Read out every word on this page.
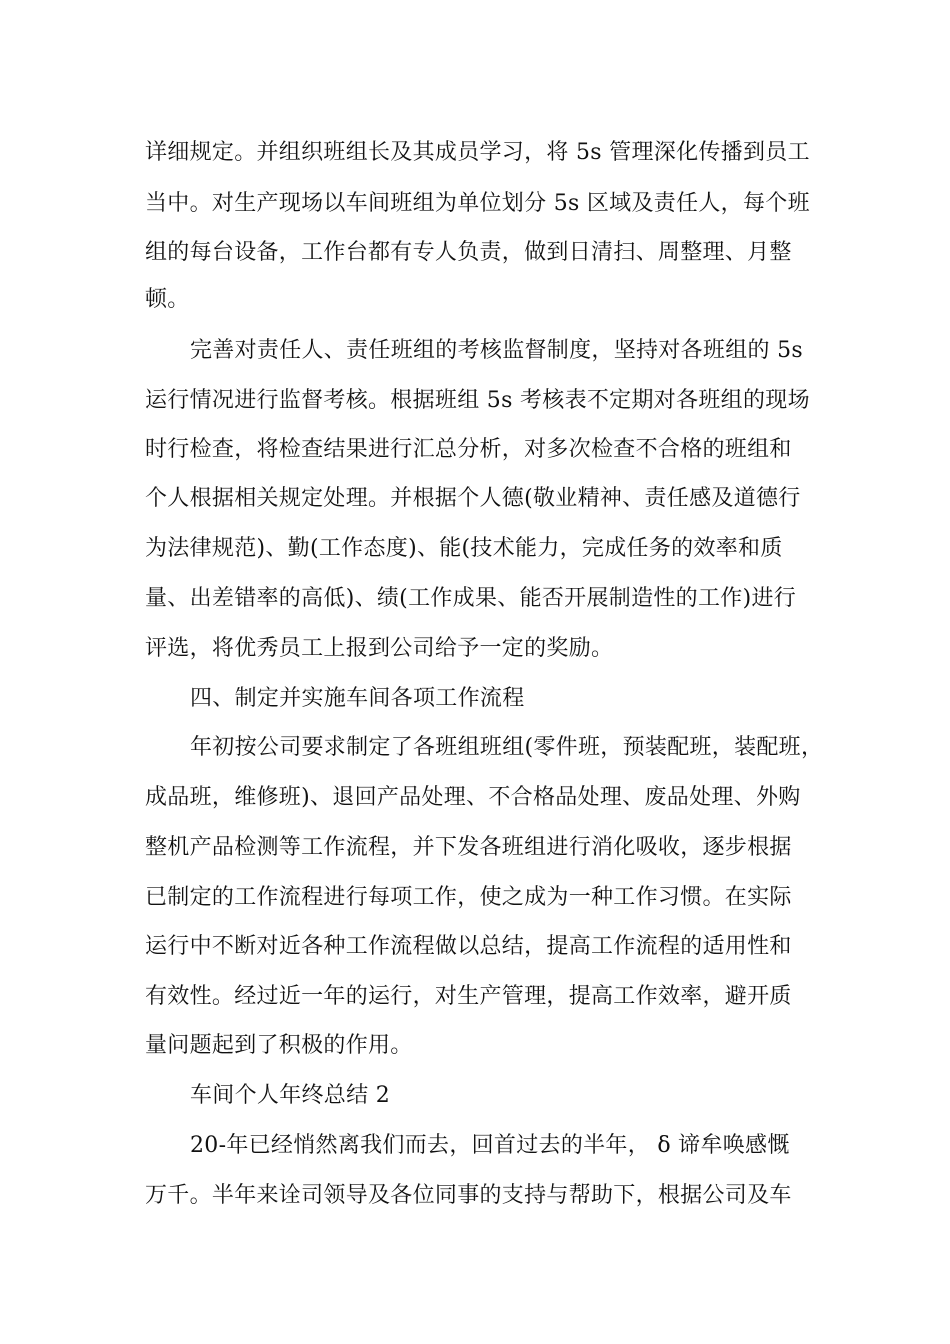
详细规定。并组织班组长及其成员学习，将 5s 管理深化传播到员工
当中。对生产现场以车间班组为单位划分 5s 区域及责任人，每个班
组的每台设备，工作台都有专人负责，做到日清扫、周整理、月整
顿。
完善对责任人、责任班组的考核监督制度，坚持对各班组的 5s
运行情况进行监督考核。根据班组 5s 考核表不定期对各班组的现场
时行检查，将检查结果进行汇总分析，对多次检查不合格的班组和
个人根据相关规定处理。并根据个人德(敬业精神、责任感及道德行
为法律规范)、勤(工作态度)、能(技术能力，完成任务的效率和质
量、出差错率的高低)、绩(工作成果、能否开展制造性的工作)进行
评选，将优秀员工上报到公司给予一定的奖励。
四、制定并实施车间各项工作流程
年初按公司要求制定了各班组班组(零件班，预装配班，装配班，
成品班，维修班)、退回产品处理、不合格品处理、废品处理、外购
整机产品检测等工作流程，并下发各班组进行消化吸收，逐步根据
已制定的工作流程进行每项工作，使之成为一种工作习惯。在实际
运行中不断对近各种工作流程做以总结，提高工作流程的适用性和
有效性。经过近一年的运行，对生产管理，提高工作效率，避开质
量问题起到了积极的作用。
车间个人年终总结 2
20-年已经悄然离我们而去，回首过去的半年， δ 谛牟唤感慨
万千。半年来诠司领导及各位同事的支持与帮助下，根据公司及车
